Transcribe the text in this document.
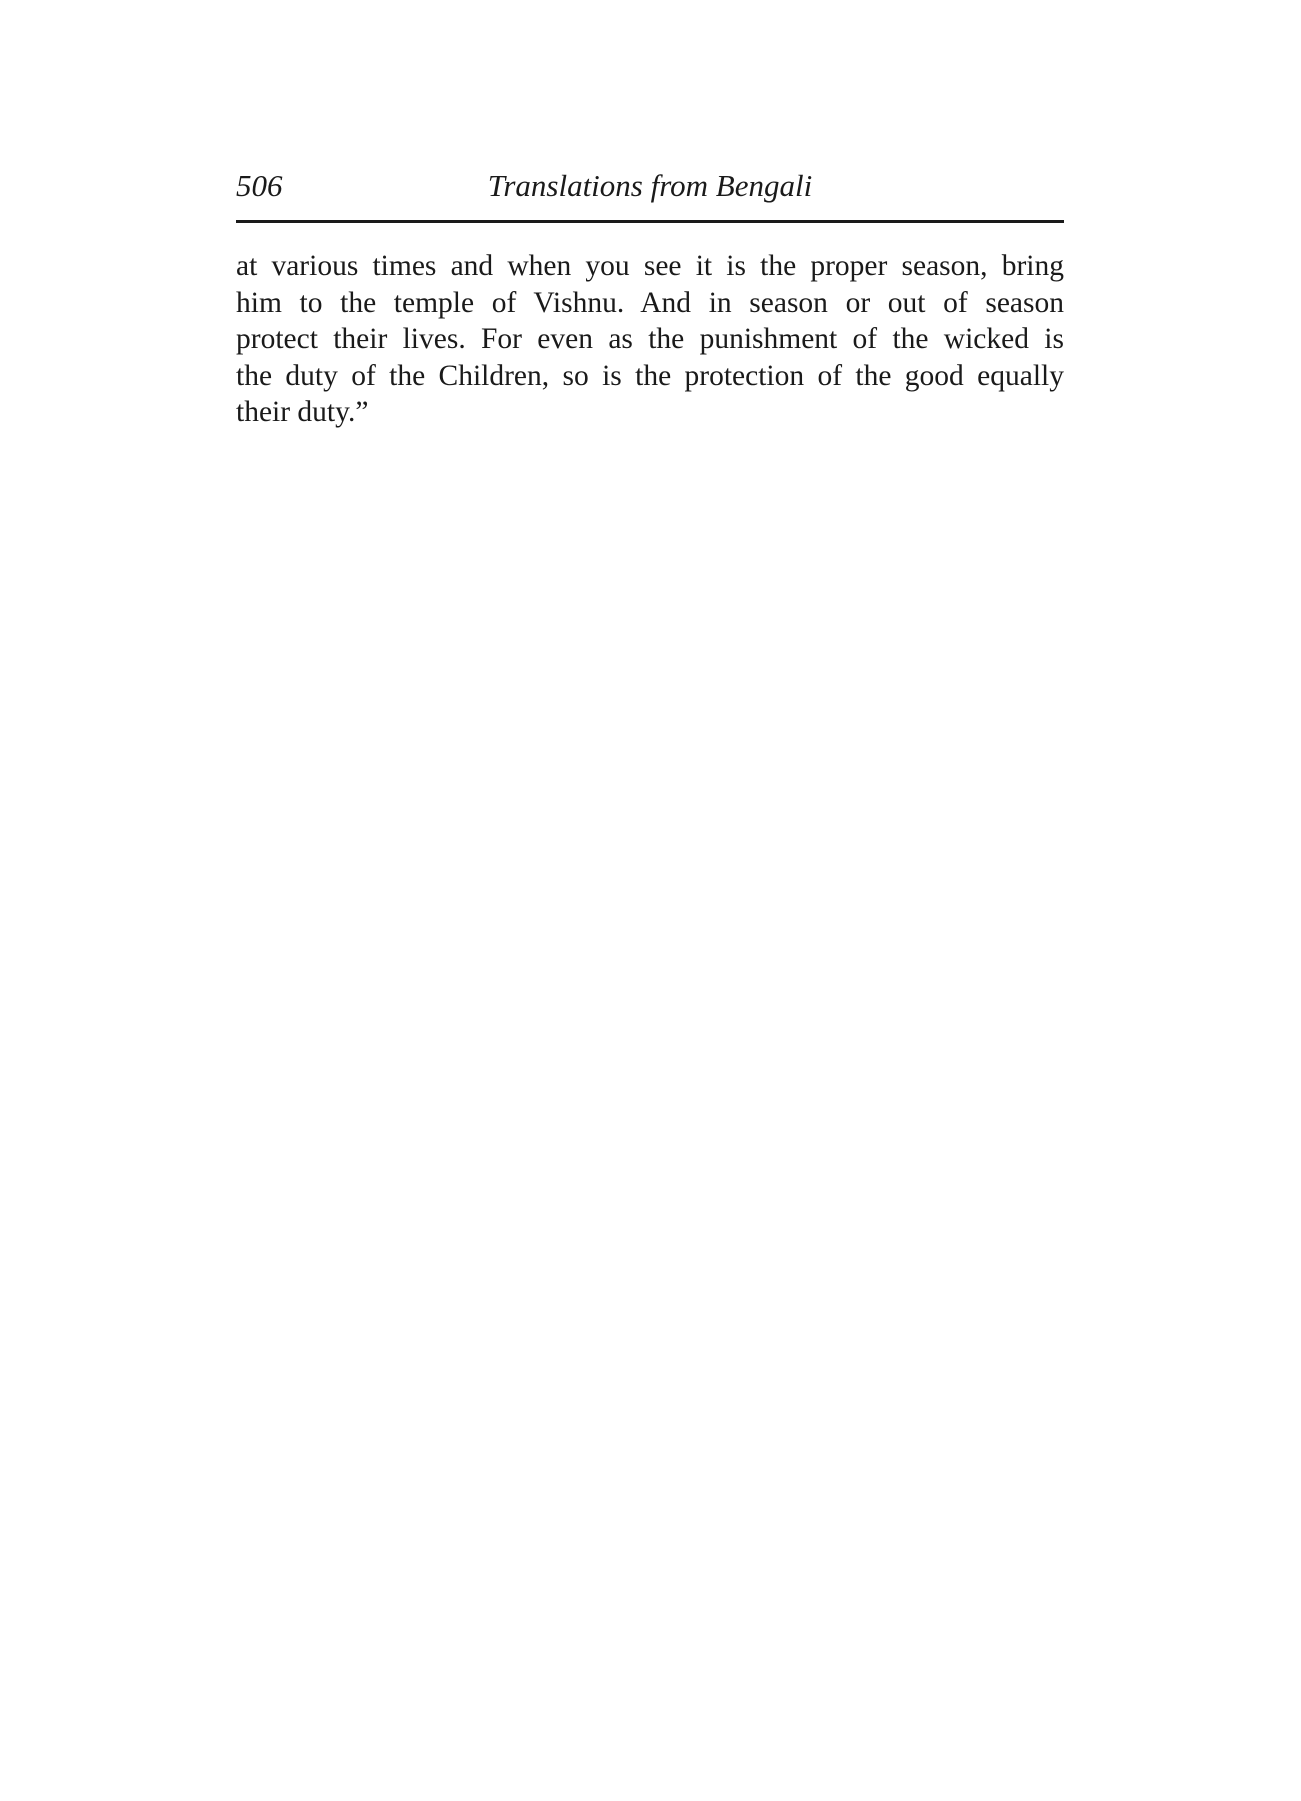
506	Translations from Bengali

at various times and when you see it is the proper season, bring
him to the temple of Vishnu. And in season or out of season
protect their lives. For even as the punishment of the wicked is
the duty of the Children, so is the protection of the good equally
their duty.”
